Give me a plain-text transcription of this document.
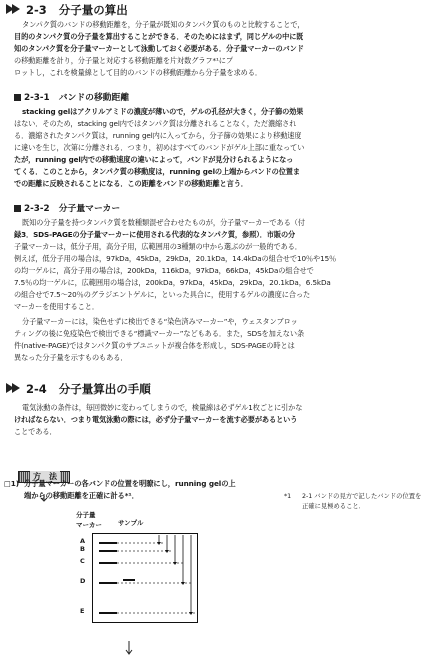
2-3 分子量の算出
タンパク質のバンドの移動距離を，分子量が既知のタンパク質のものと比較することで，
目的のタンパク質の分子量を算出することができる．そのためにはまず，同じゲルの中に既
知のタンパク質を分子量マーカーとして泳動しておく必要がある．分子量マーカーのバンド
の移動距離を計り，分子量と対応する移動距離を片対数グラフ*¹にプ
ロットし，これを検量線として目的のバンドの移動距離から分子量を求める．
2-3-1 バンドの移動距離
stacking gelはアクリルアミドの濃度が薄いので，ゲルの孔径が大きく，分子篩の効果
はない．そのため，stacking gel内ではタンパク質は分離されることなく，ただ濃縮され
る．濃縮されたタンパク質は，running gel内に入ってから，分子篩の効果により移動速度
に違いを生じ，次第に分離される．つまり，初めはすべてのバンドがゲル上部に重なってい
たが，running gel内での移動速度の違いによって，バンドが見分けられるようになっ
てくる．このことから，タンパク質の移動度は，running gelの上端からバンドの位置ま
での距離に反映されることになる．この距離をバンドの移動距離と言う．
2-3-2 分子量マーカー
既知の分子量を持つタンパク質を数種類混ぜ合わせたものが，分子量マーカーである（付
録3．SDS-PAGEの分子量マーカーに使用される代表的なタンパク質，参照）．市販の分
子量マーカーは，低分子用，高分子用，広範囲用の3種類の中から選ぶのが一般的である．
例えば，低分子用の場合は，97kDa，45kDa，29kDa，20.1kDa，14.4kDaの組合せで10％や15％
の均一ゲルに，高分子用の場合は，200kDa，116kDa，97kDa，66kDa，45kDaの組合せで
7.5％の均一ゲルに，広範囲用の場合は，200kDa，97kDa，45kDa，29kDa，20.1kDa，6.5kDa
の組合せで7.5～20％のグラジエントゲルに，といった具合に，使用するゲルの濃度に合った
マーカーを使用すること．
分子量マーカーには，染色せずに検出できる“染色済みマーカー”や，ウェスタンブロッ
ティングの後に免疫染色で検出できる“標識マーカー”などもある．また，SDSを加えない条
件(native-PAGE)ではタンパク質のサブユニットが複合体を形成し，SDS-PAGEの時とは
異なった分子量を示すものもある．
2-4 分子量算出の手順
電気泳動の条件は，毎回微妙に変わってしまうので，検量線は必ずゲル1枚ごとに引かな
ければならない．つまり電気泳動の際には，必ず分子量マーカーを流す必要があるという
ことである．
方　法
□1) 分子量マーカーの各バンドの位置を明瞭にし，running gelの上
端からの移動距離を正確に計る*¹．	*1 2-1 バンドの見方で記したバンドの位置を
正確に見極めること．
分子量
マーカー サンプル
A
B
C
D
E
